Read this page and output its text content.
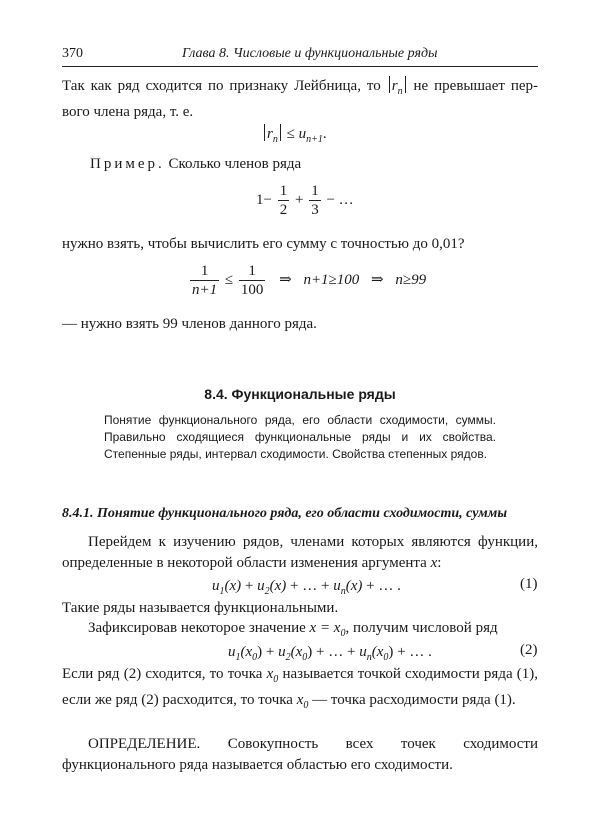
370	Глава 8. Числовые и функциональные ряды
Так как ряд сходится по признаку Лейбница, то $r_n$ не превышает пер- вого члена ряда, т. е.
$r_n \le u_{n+1}$.
Пример. Сколько членов ряда
$1- \frac{1}{2} + \frac{1}{3}$ − …
нужно взять, чтобы вычислить его сумму с точностью до 0,01?
$\frac{1}{n+1} \le \frac{1}{100}$ ⇒ n+1≥100 ⇒ n≥99
— нужно взять 99 членов данного ряда.
8.4. Функциональные ряды
Понятие функционального ряда, его области сходимости, суммы. Правильно сходящиеся функциональные ряды и их свойства. Степенные ряды, интервал сходимости. Свойства степенных рядов.
8.4.1. Понятие функционального ряда, его области сходимости, суммы
Перейдем к изучению рядов, членами которых являются функции, определенные в некоторой области изменения аргумента x:
$u_1(x) + u_2(x)$ + … + $u_n(x)$ + … .	(1)
Такие ряды называется функциональными.
Зафиксировав некоторое значение $x = x_0$, получим числовой ряд
$u_1(x_0) + u_2(x_0)$ + … + $u_n(x_0)$ + … .	(2)
Если ряд (2) сходится, то точка $x_0$ называется точкой сходимости ряда (1), если же ряд (2) расходится, то точка $x_0$ — точка расходимости ряда (1).
ОПРЕДЕЛЕНИЕ. Совокупность всех точек сходимости функционального ряда называется областью его сходимости.
